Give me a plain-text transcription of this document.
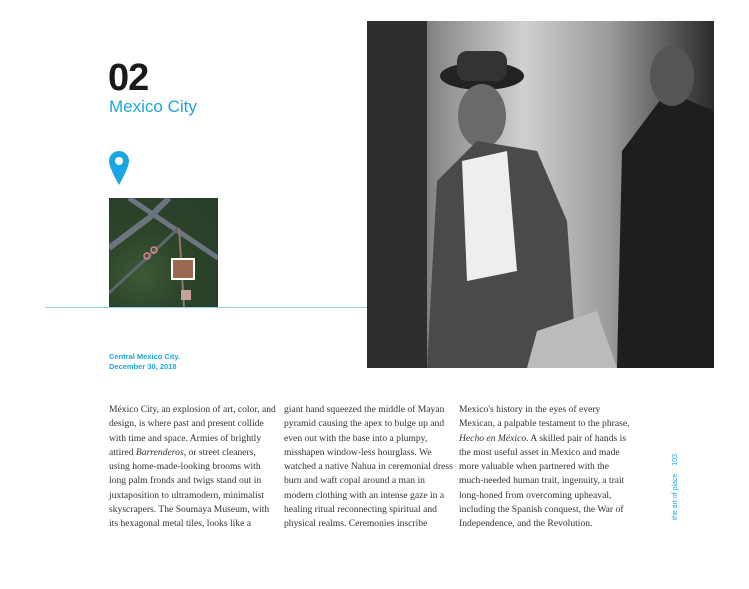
02
Mexico City
Central Mexico City.
December 30, 2018

México City, an explosion of art, color, and design, is where past and present collide with time and space. Armies of brightly attired Barrenderos, or street cleaners, using home-made-looking brooms with long palm fronds and twigs stand out in juxtaposition to ultramodern, minimalist skyscrapers. The Soumaya Museum, with its hexagonal metal tiles, looks like a

giant hand squeezed the middle of Mayan pyramid causing the apex to bulge up and even out with the base into a plumpy, misshapen window-less hourglass. We watched a native Nahua in ceremonial dress burn and waft copal around a man in modern clothing with an intense gaze in a healing ritual reconnecting spiritual and physical realms. Ceremonies inscribe

Mexico's history in the eyes of every Mexican, a palpable testament to the phrase, Hecho en México. A skilled pair of hands is the most useful asset in Mexico and made more valuable when partnered with the much-needed human trait, ingenuity, a trait long-honed from overcoming upheaval, including the Spanish conquest, the War of Independence, and the Revolution.

the art of place103
